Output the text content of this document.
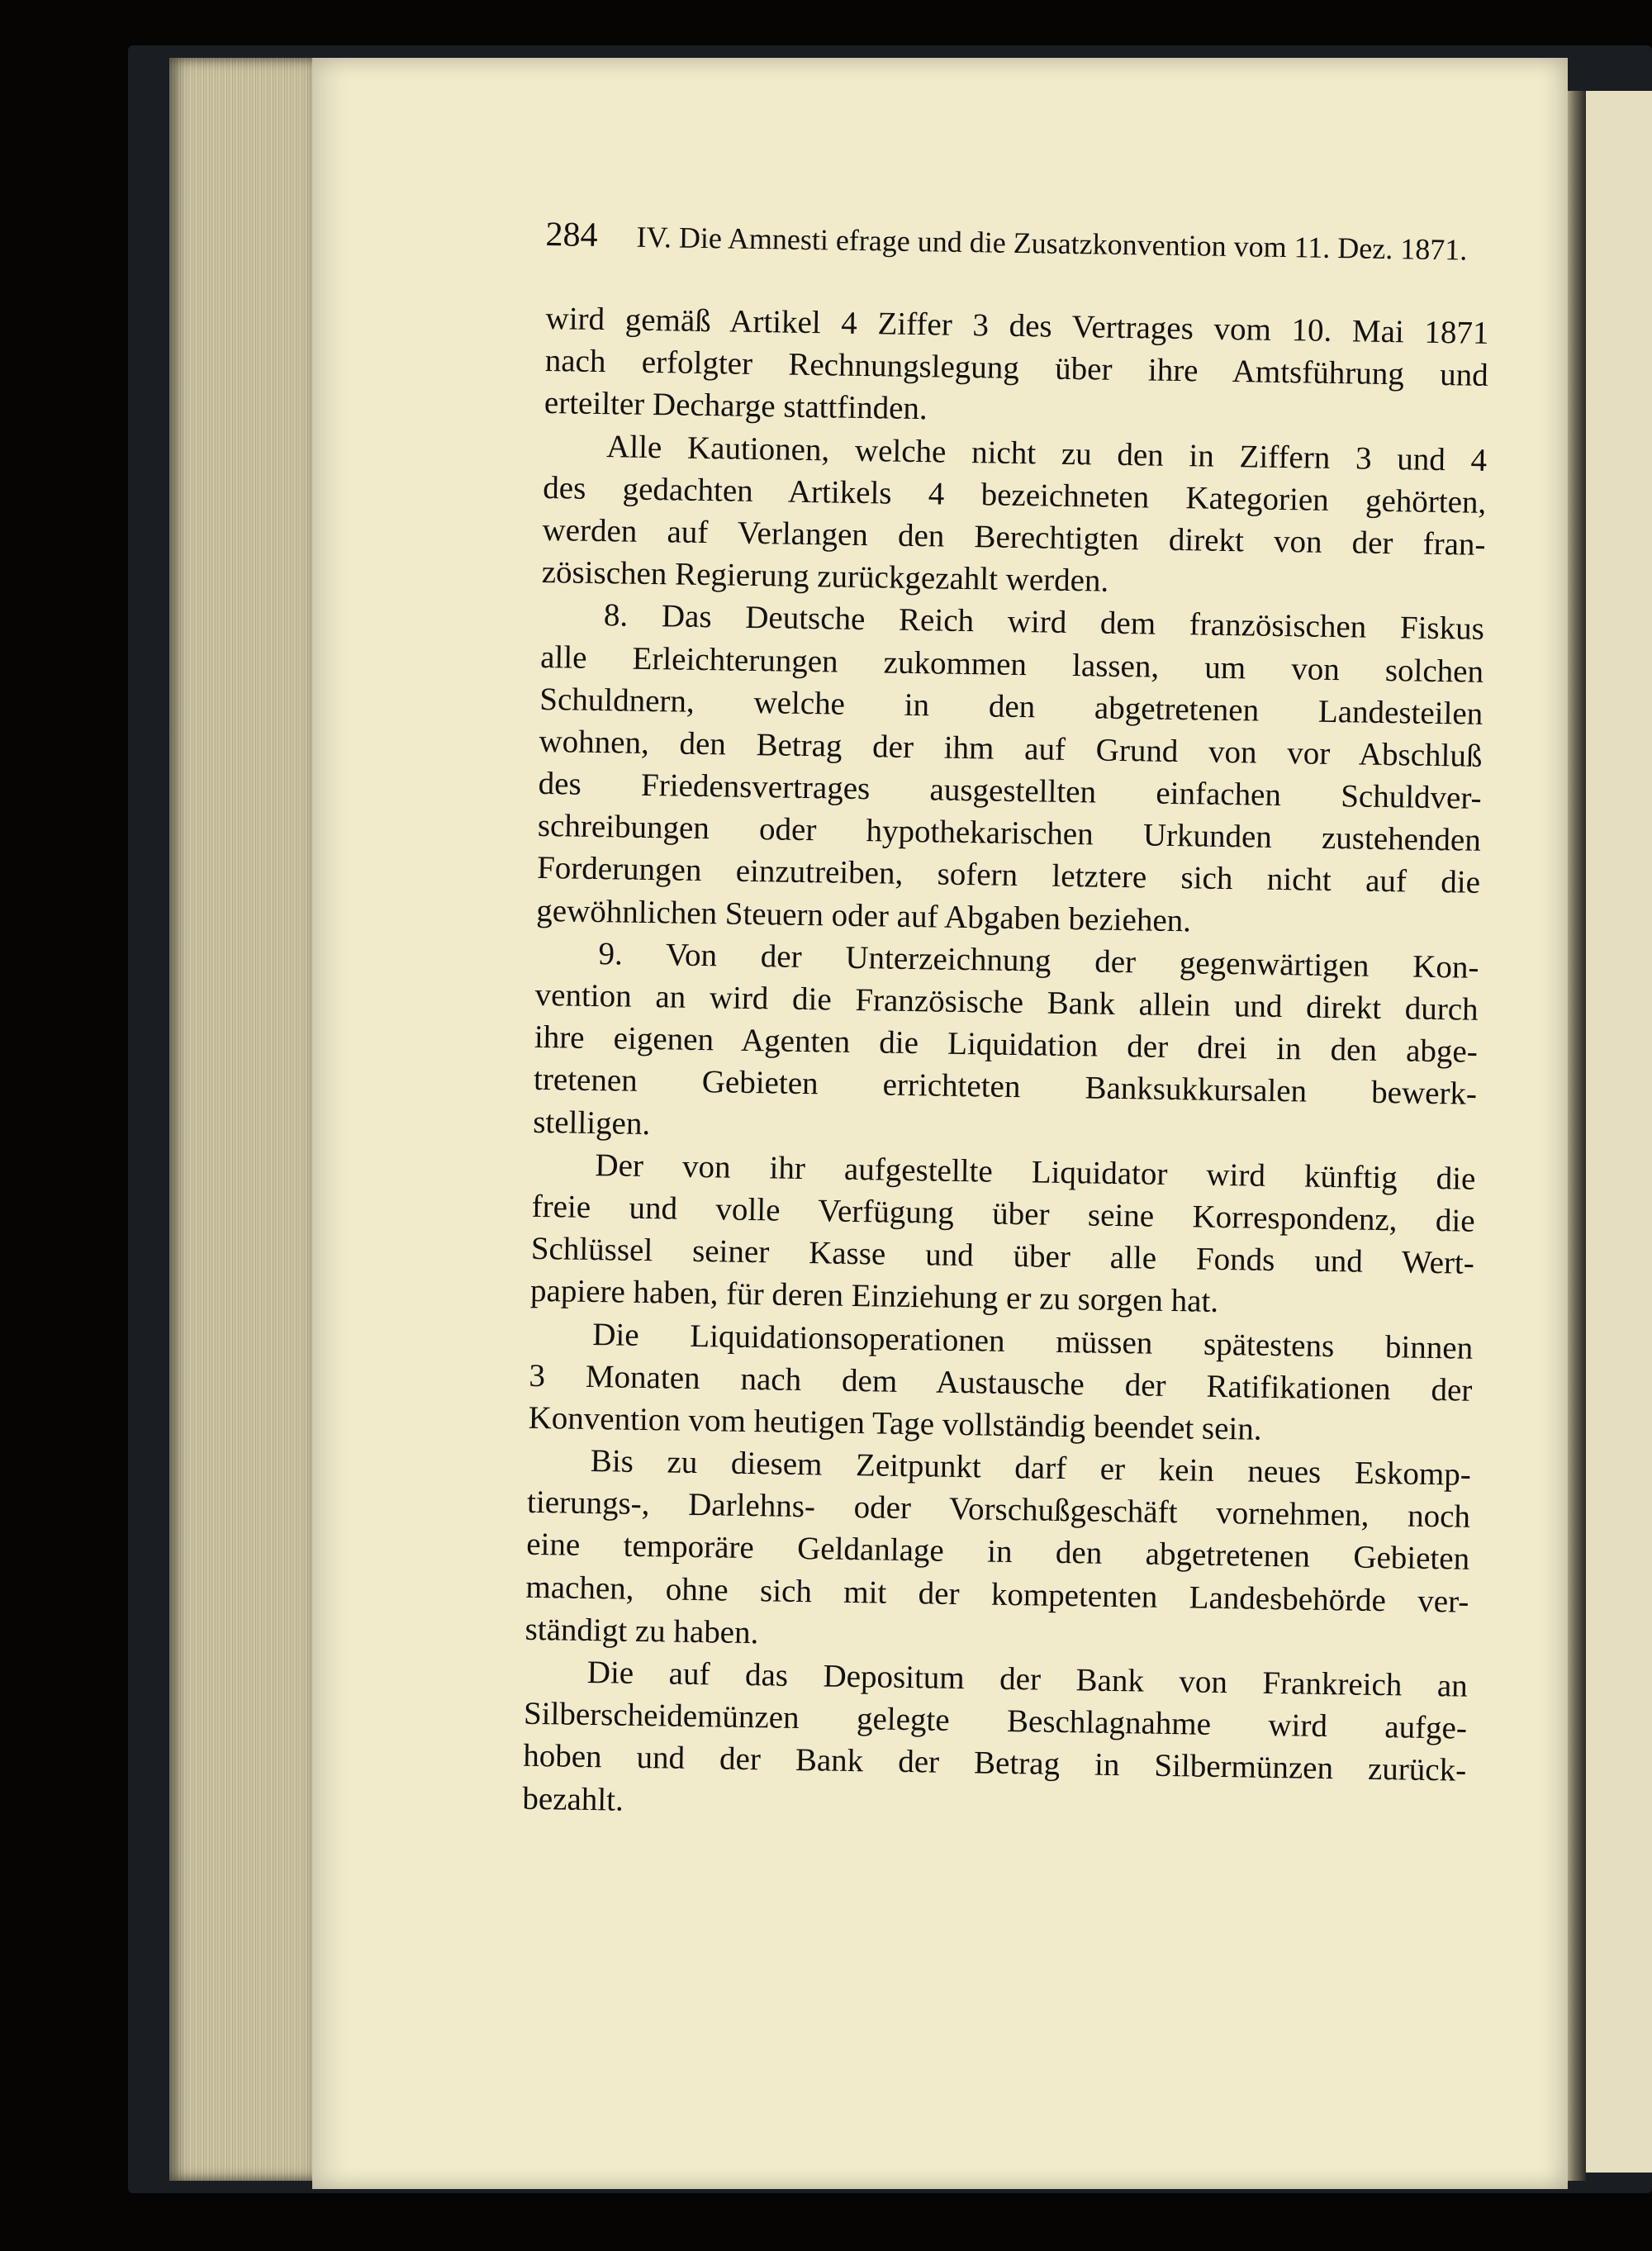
284 IV. Die Amnesti efrage und die Zusatzkonvention vom 11. Dez. 1871.
wird gemäß Artikel 4 Ziffer 3 des Vertrages vom 10. Mai 1871
nach erfolgter Rechnungslegung über ihre Amtsführung und
erteilter Decharge stattfinden.
Alle Kautionen, welche nicht zu den in Ziffern 3 und 4
des gedachten Artikels 4 bezeichneten Kategorien gehörten,
werden auf Verlangen den Berechtigten direkt von der fran-
zösischen Regierung zurückgezahlt werden.
8. Das Deutsche Reich wird dem französischen Fiskus
alle Erleichterungen zukommen lassen, um von solchen
Schuldnern, welche in den abgetretenen Landesteilen
wohnen, den Betrag der ihm auf Grund von vor Abschluß
des Friedensvertrages ausgestellten einfachen Schuldver-
schreibungen oder hypothekarischen Urkunden zustehenden
Forderungen einzutreiben, sofern letztere sich nicht auf die
gewöhnlichen Steuern oder auf Abgaben beziehen.
9. Von der Unterzeichnung der gegenwärtigen Kon-
vention an wird die Französische Bank allein und direkt durch
ihre eigenen Agenten die Liquidation der drei in den abge-
tretenen Gebieten errichteten Banksukkursalen bewerk-
stelligen.
Der von ihr aufgestellte Liquidator wird künftig die
freie und volle Verfügung über seine Korrespondenz, die
Schlüssel seiner Kasse und über alle Fonds und Wert-
papiere haben, für deren Einziehung er zu sorgen hat.
Die Liquidationsoperationen müssen spätestens binnen
3 Monaten nach dem Austausche der Ratifikationen der
Konvention vom heutigen Tage vollständig beendet sein.
Bis zu diesem Zeitpunkt darf er kein neues Eskomp-
tierungs-, Darlehns- oder Vorschußgeschäft vornehmen, noch
eine temporäre Geldanlage in den abgetretenen Gebieten
machen, ohne sich mit der kompetenten Landesbehörde ver-
ständigt zu haben.
Die auf das Depositum der Bank von Frankreich an
Silberscheidemünzen gelegte Beschlagnahme wird aufge-
hoben und der Bank der Betrag in Silbermünzen zurück-
bezahlt.
